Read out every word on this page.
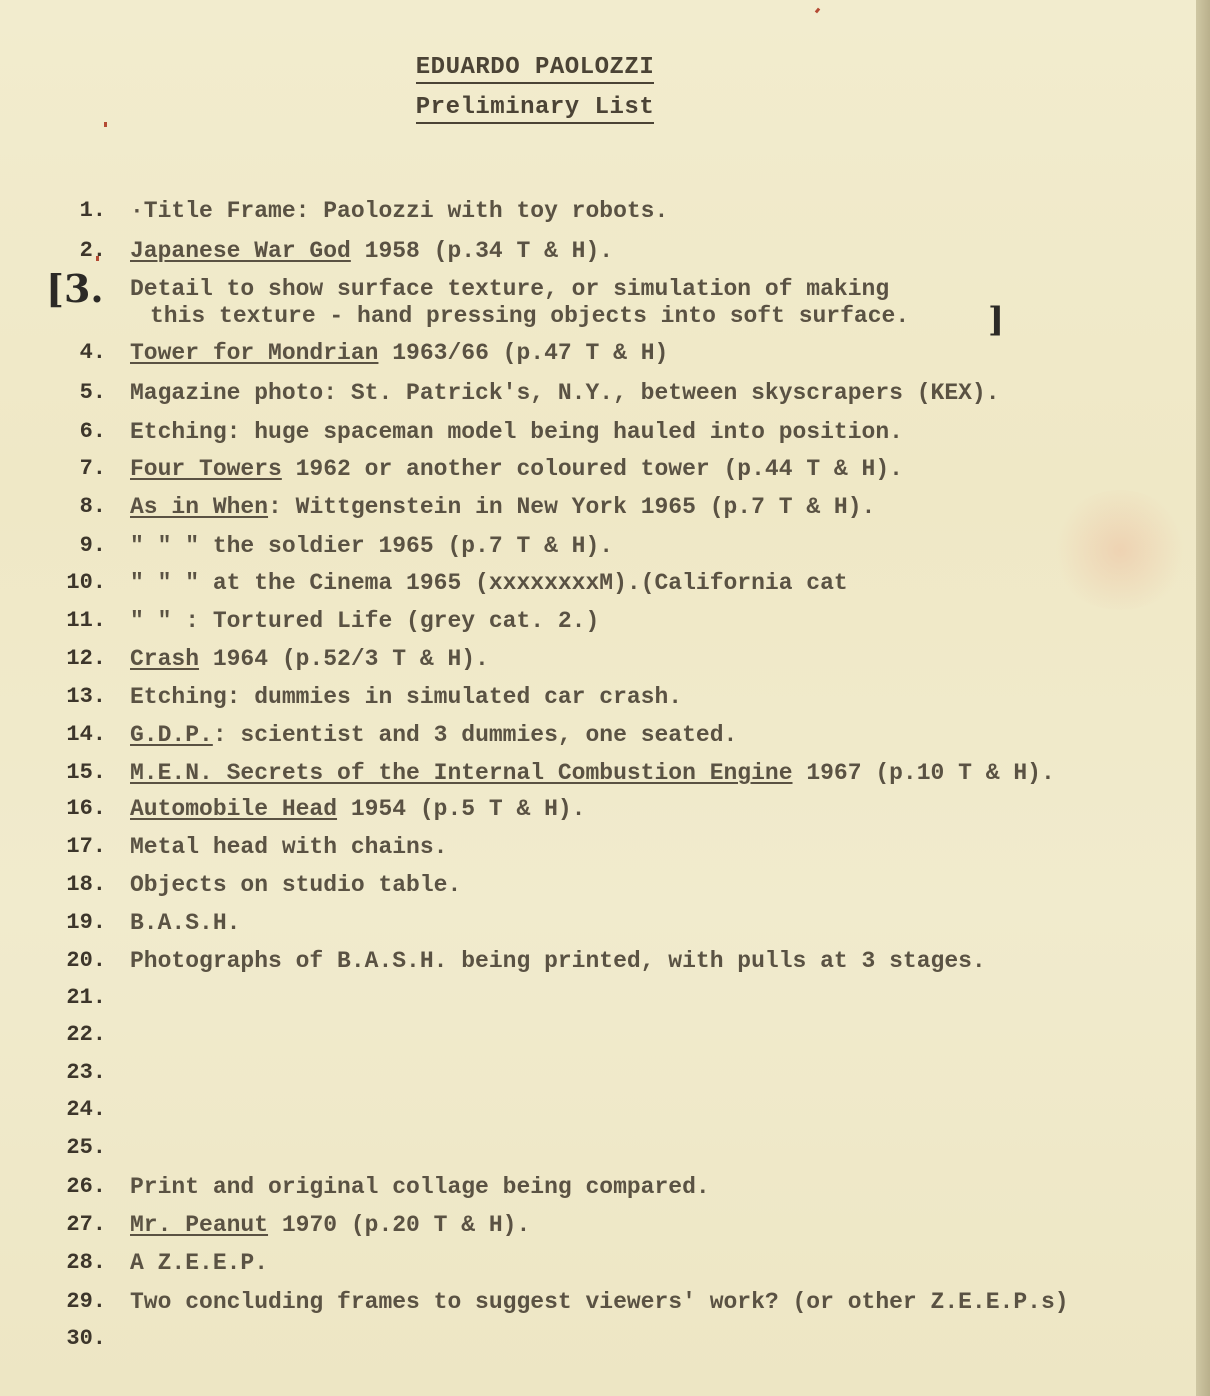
EDUARDO PAOLOZZI
Preliminary List
1. ·Title Frame: Paolozzi with toy robots.
2. Japanese War God 1958 (p.34 T & H).
Detail to show surface texture, or simulation of making
4. Tower for Mondrian 1963/66 (p.47 T & H)
5. Magazine photo: St. Patrick's, N.Y., between skyscrapers (KEX).
6. Etching: huge spaceman model being hauled into position.
7. Four Towers 1962 or another coloured tower (p.44 T & H).
8. As in When: Wittgenstein in New York 1965 (p.7 T & H).
9. " " " the soldier 1965 (p.7 T & H).
10. " " " at the Cinema 1965 (xxxxxxxxM).(California cat
11. " " : Tortured Life (grey cat. 2.)
12. Crash 1964 (p.52/3 T & H).
13. Etching: dummies in simulated car crash.
14. G.D.P.: scientist and 3 dummies, one seated.
15. M.E.N. Secrets of the Internal Combustion Engine 1967 (p.10 T & H).
16. Automobile Head 1954 (p.5 T & H).
17. Metal head with chains.
18. Objects on studio table.
19. B.A.S.H.
20. Photographs of B.A.S.H. being printed, with pulls at 3 stages.
21.
22.
23.
24.
25.
26. Print and original collage being compared.
27. Mr. Peanut 1970 (p.20 T & H).
28. A Z.E.E.P.
29. Two concluding frames to suggest viewers' work? (or other Z.E.E.P.s)
30.
[3.
this texture - hand pressing objects into soft surface. ]
